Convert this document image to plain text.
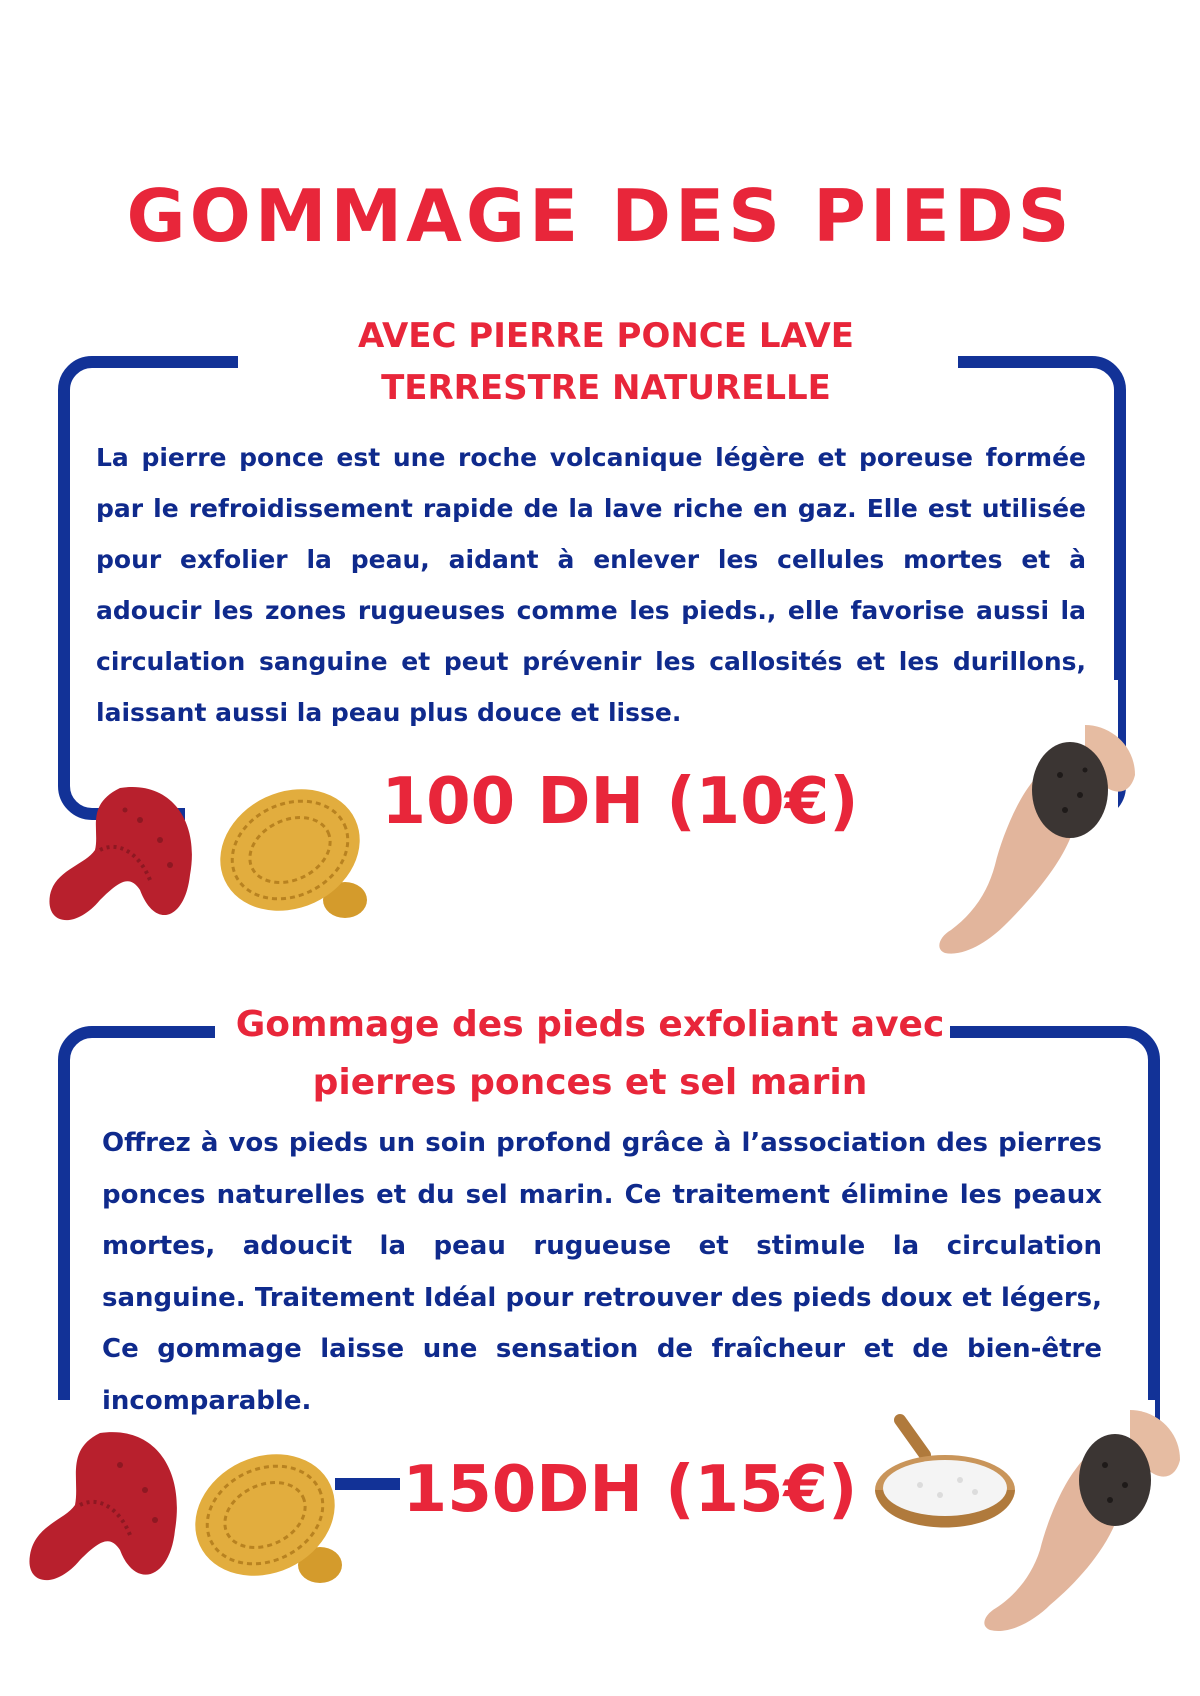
GOMMAGE DES PIEDS
AVEC PIERRE PONCE LAVE
TERRESTRE NATURELLE
La pierre ponce est une roche volcanique légère et poreuse formée par le refroidissement rapide de la lave riche en gaz. Elle est utilisée pour exfolier la peau, aidant à enlever les cellules mortes et à adoucir les zones rugueuses comme les pieds., elle favorise aussi la circulation sanguine et peut prévenir les callosités et les durillons, laissant aussi la peau plus douce et lisse.
100 DH (10€)
Gommage des pieds exfoliant avec
pierres ponces et sel marin
Offrez à vos pieds un soin profond grâce à l’association des pierres ponces naturelles et du sel marin. Ce traitement élimine les peaux mortes, adoucit la peau rugueuse et stimule la circulation sanguine. Traitement Idéal pour retrouver des pieds doux et légers, Ce gommage laisse une sensation de fraîcheur et de bien-être incomparable.
150DH (15€)
